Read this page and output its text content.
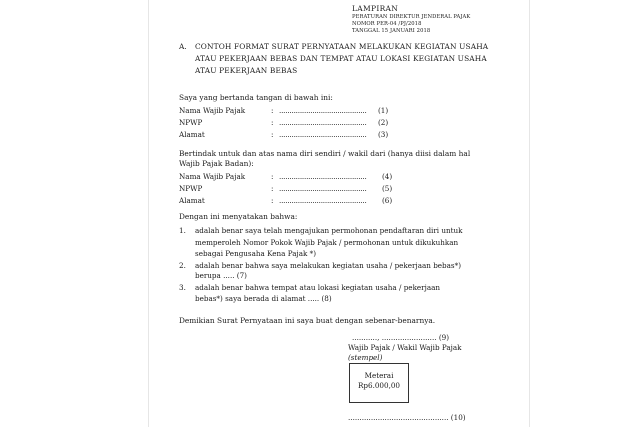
LAMPIRAN
PERATURAN DIREKTUR JENDERAL PAJAK
NOMOR PER-04 /PJ/2018
TANGGAL 15 JANUARI 2018
A. CONTOH FORMAT SURAT PERNYATAAN MELAKUKAN KEGIATAN USAHA
ATAU PEKERJAAN BEBAS DAN TEMPAT ATAU LOKASI KEGIATAN USAHA
ATAU PEKERJAAN BEBAS
Saya yang bertanda tangan di bawah ini:
Nama Wajib Pajak	: .......................................... (1)
NPWP	: .......................................... (2)
Alamat	: .......................................... (3)
Bertindak untuk dan atas nama diri sendiri / wakil dari (hanya diisi dalam hal
Wajib Pajak Badan):
Nama Wajib Pajak	: .......................................... (4)
NPWP	: .......................................... (5)
Alamat	: .......................................... (6)
Dengan ini menyatakan bahwa:
1. adalah benar saya telah mengajukan permohonan pendaftaran diri untuk
memperoleh Nomor Pokok Wajib Pajak / permohonan untuk dikukuhkan
sebagai Pengusaha Kena Pajak *)
2. adalah benar bahwa saya melakukan kegiatan usaha / pekerjaan bebas*)
berupa ..... (7)
3. adalah benar bahwa tempat atau lokasi kegiatan usaha / pekerjaan
bebas*) saya berada di alamat ..... (8)
Demikian Surat Pernyataan ini saya buat dengan sebenar-benarnya.
..........., ........................ (9)
Wajib Pajak / Wakil Wajib Pajak
(stempel)
Meterai
Rp6.000,00
............................................ (10)
